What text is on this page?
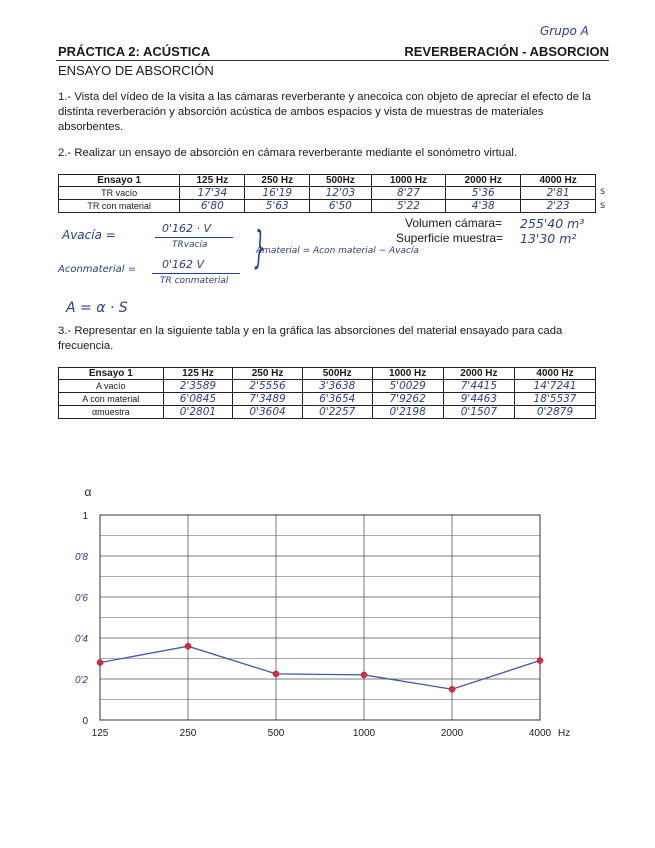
Grupo A
PRÁCTICA 2: ACÚSTICA	REVERBERACIÓN - ABSORCION
ENSAYO DE ABSORCIÓN
1.- Vista del vídeo de la visita a las cámaras reverberante y anecoica con objeto de apreciar el efecto de la distinta reverberación y absorción acústica de ambos espacios y vista de muestras de materiales absorbentes.
2.- Realizar un ensayo de absorción en cámara reverberante mediante el sonómetro virtual.
Ensayo 1	125 Hz	250 Hz	500Hz	1000 Hz	2000 Hz	4000 Hz
TR vacío	17'34	16'19	12'03	8'27	5'36	2'81
TR con material	6'80	5'63	6'50	5'22	4'38	2'23
s
s
Volumen cámara= 255'40 m³
Superficie muestra= 13'30 m²
Avacía =	0'162 · V
TRvacía
Aconmaterial = 0'162 V
TR conmaterial
}
Amaterial = Acon material − Avacía
A = α · S
3.- Representar en la siguiente tabla y en la gráfica las absorciones del material ensayado para cada frecuencia.
Ensayo 1	125 Hz	250 Hz	500Hz	1000 Hz	2000 Hz	4000 Hz
A vacío	2'3589	2'5556	3'3638	5'0029	7'4415	14'7241
A con material	6'0845	7'3489	6'3654	7'9262	9'4463	18'5537
αmuestra	0'2801	0'3604	0'2257	0'2198	0'1507	0'2879
0
0'2
0'4
0'6
0'8
1
α
125	250	500	1000	2000	4000 Hz
